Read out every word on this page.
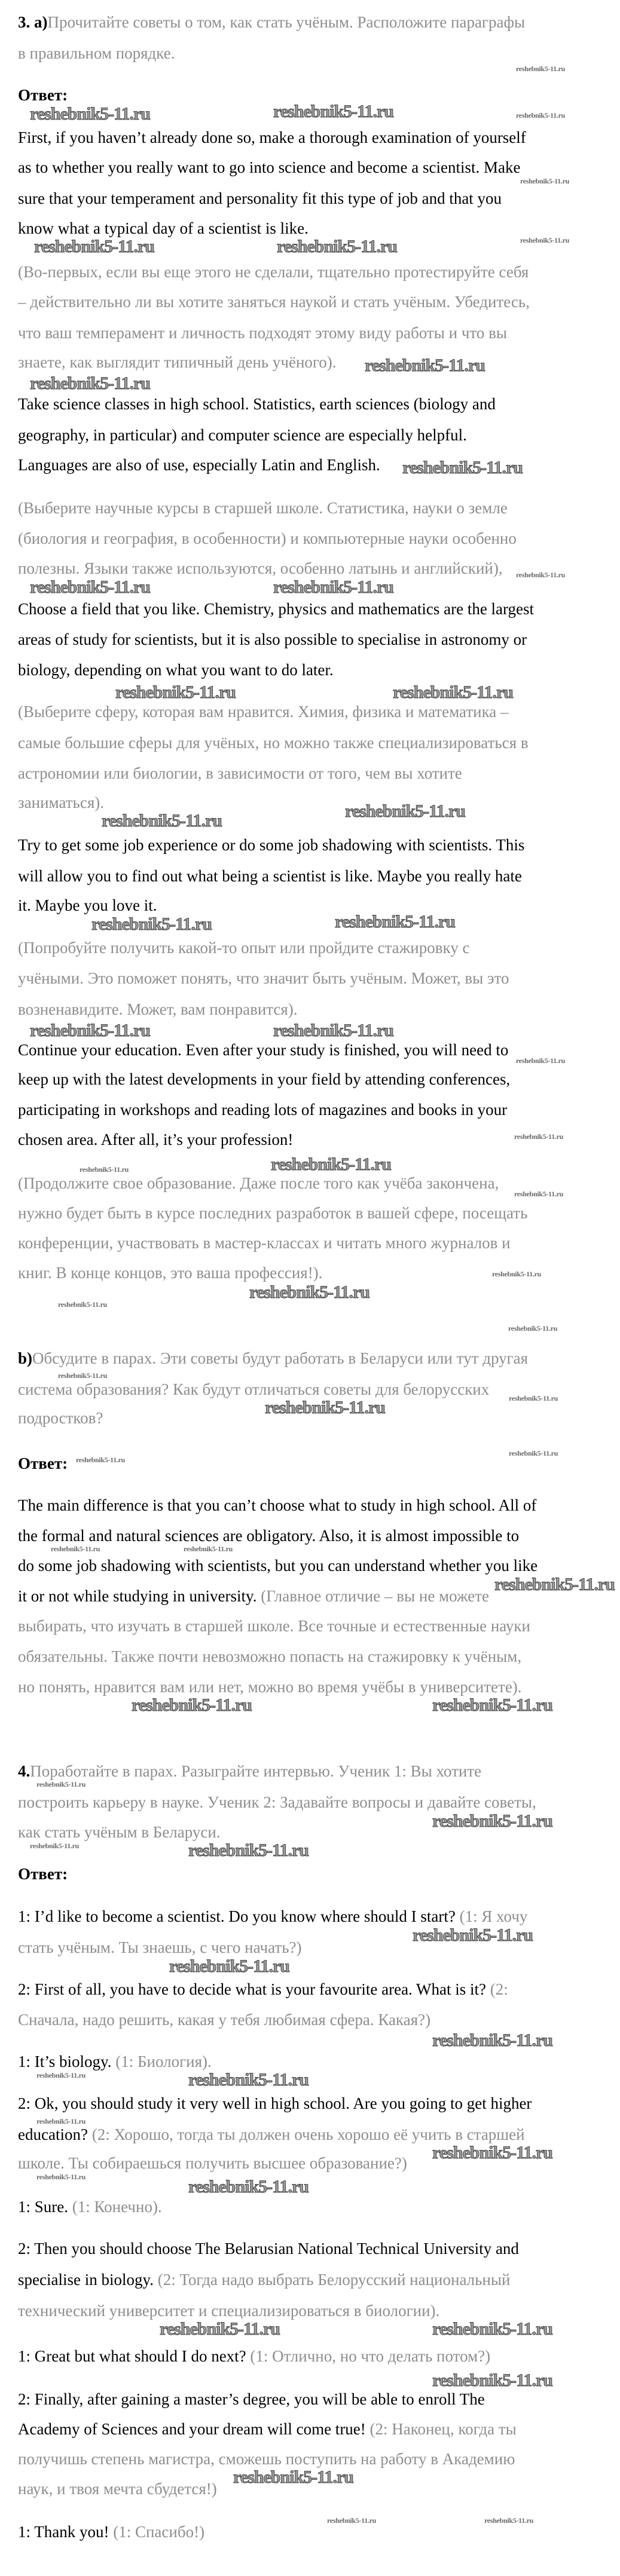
3. a)Прочитайте советы о том, как стать учёным. Расположите параграфы
в правильном порядке.
Ответ:
First, if you haven’t already done so, make a thorough examination of yourself
as to whether you really want to go into science and become a scientist. Make
sure that your temperament and personality fit this type of job and that you
know what a typical day of a scientist is like.
(Во-первых, если вы еще этого не сделали, тщательно протестируйте себя
– действительно ли вы хотите заняться наукой и стать учёным. Убедитесь,
что ваш темперамент и личность подходят этому виду работы и что вы
знаете, как выглядит типичный день учёного).
Take science classes in high school. Statistics, earth sciences (biology and
geography, in particular) and computer science are especially helpful.
Languages are also of use, especially Latin and English.
(Выберите научные курсы в старшей школе. Статистика, науки о земле
(биология и география, в особенности) и компьютерные науки особенно
полезны. Языки также используются, особенно латынь и английский),
Choose a field that you like. Chemistry, physics and mathematics are the largest
areas of study for scientists, but it is also possible to specialise in astronomy or
biology, depending on what you want to do later.
(Выберите сферу, которая вам нравится. Химия, физика и математика –
самые большие сферы для учёных, но можно также специализироваться в
астрономии или биологии, в зависимости от того, чем вы хотите
заниматься).
Try to get some job experience or do some job shadowing with scientists. This
will allow you to find out what being a scientist is like. Maybe you really hate
it. Maybe you love it.
(Попробуйте получить какой-то опыт или пройдите стажировку с
учёными. Это поможет понять, что значит быть учёным. Может, вы это
возненавидите. Может, вам понравится).
Continue your education. Even after your study is finished, you will need to
keep up with the latest developments in your field by attending conferences,
participating in workshops and reading lots of magazines and books in your
chosen area. After all, it’s your profession!
(Продолжите свое образование. Даже после того как учёба закончена,
нужно будет быть в курсе последних разработок в вашей сфере, посещать
конференции, участвовать в мастер-классах и читать много журналов и
книг. В конце концов, это ваша профессия!).
b)Обсудите в парах. Эти советы будут работать в Беларуси или тут другая
система образования? Как будут отличаться советы для белорусских
подростков?
Ответ:
The main difference is that you can’t choose what to study in high school. All of
the formal and natural sciences are obligatory. Also, it is almost impossible to
do some job shadowing with scientists, but you can understand whether you like
it or not while studying in university. (Главное отличие – вы не можете
выбирать, что изучать в старшей школе. Все точные и естественные науки
обязательны. Также почти невозможно попасть на стажировку к учёным,
но понять, нравится вам или нет, можно во время учёбы в университете).
4.Поработайте в парах. Разыграйте интервью. Ученик 1: Вы хотите
построить карьеру в науке. Ученик 2: Задавайте вопросы и давайте советы,
как стать учёным в Беларуси.
Ответ:
1: I’d like to become a scientist. Do you know where should I start? (1: Я хочу
стать учёным. Ты знаешь, с чего начать?)
2: First of all, you have to decide what is your favourite area. What is it? (2:
Сначала, надо решить, какая у тебя любимая сфера. Какая?)
1: It’s biology. (1: Биология).
2: Ok, you should study it very well in high school. Are you going to get higher
education? (2: Хорошо, тогда ты должен очень хорошо её учить в старшей
школе. Ты собираешься получить высшее образование?)
1: Sure. (1: Конечно).
2: Then you should choose The Belarusian National Technical University and
specialise in biology. (2: Тогда надо выбрать Белорусский национальный
технический университет и специализироваться в биологии).
1: Great but what should I do next? (1: Отлично, но что делать потом?)
2: Finally, after gaining a master’s degree, you will be able to enroll The
Academy of Sciences and your dream will come true! (2: Наконец, когда ты
получишь степень магистра, сможешь поступить на работу в Академию
наук, и твоя мечта сбудется!)
1: Thank you! (1: Спасибо!)
reshebnik5-11.ru
reshebnik5-11.ru	reshebnik5-11.ru	reshebnik5-11.ru
reshebnik5-11.ru
reshebnik5-11.ru	reshebnik5-11.ru	reshebnik5-11.ru
reshebnik5-11.ru
reshebnik5-11.ru
reshebnik5-11.ru
reshebnik5-11.ru	reshebnik5-11.ru
reshebnik5-11.ru
reshebnik5-11.ru	reshebnik5-11.ru
reshebnik5-11.ru	reshebnik5-11.ru
reshebnik5-11.ru	reshebnik5-11.ru
reshebnik5-11.ru	reshebnik5-11.ru
reshebnik5-11.ru
reshebnik5-11.ru
reshebnik5-11.ru	reshebnik5-11.ru
reshebnik5-11.ru
reshebnik5-11.ru
reshebnik5-11.ru
reshebnik5-11.ru
reshebnik5-11.ru
reshebnik5-11.ru
reshebnik5-11.ru	reshebnik5-11.ru
reshebnik5-11.ru
reshebnik5-11.ru
reshebnik5-11.ru	reshebnik5-11.ru
reshebnik5-11.ru
reshebnik5-11.ru	reshebnik5-11.ru
reshebnik5-11.ru
reshebnik5-11.ru
reshebnik5-11.ru
reshebnik5-11.ru
reshebnik5-11.ru
reshebnik5-11.ru
reshebnik5-11.ru
reshebnik5-11.ru	reshebnik5-11.ru
reshebnik5-11.ru
reshebnik5-11.ru
reshebnik5-11.ru	reshebnik5-11.ru
reshebnik5-11.ru	reshebnik5-11.ru
reshebnik5-11.ru
reshebnik5-11.ru
reshebnik5-11.ru	reshebnik5-11.ru
